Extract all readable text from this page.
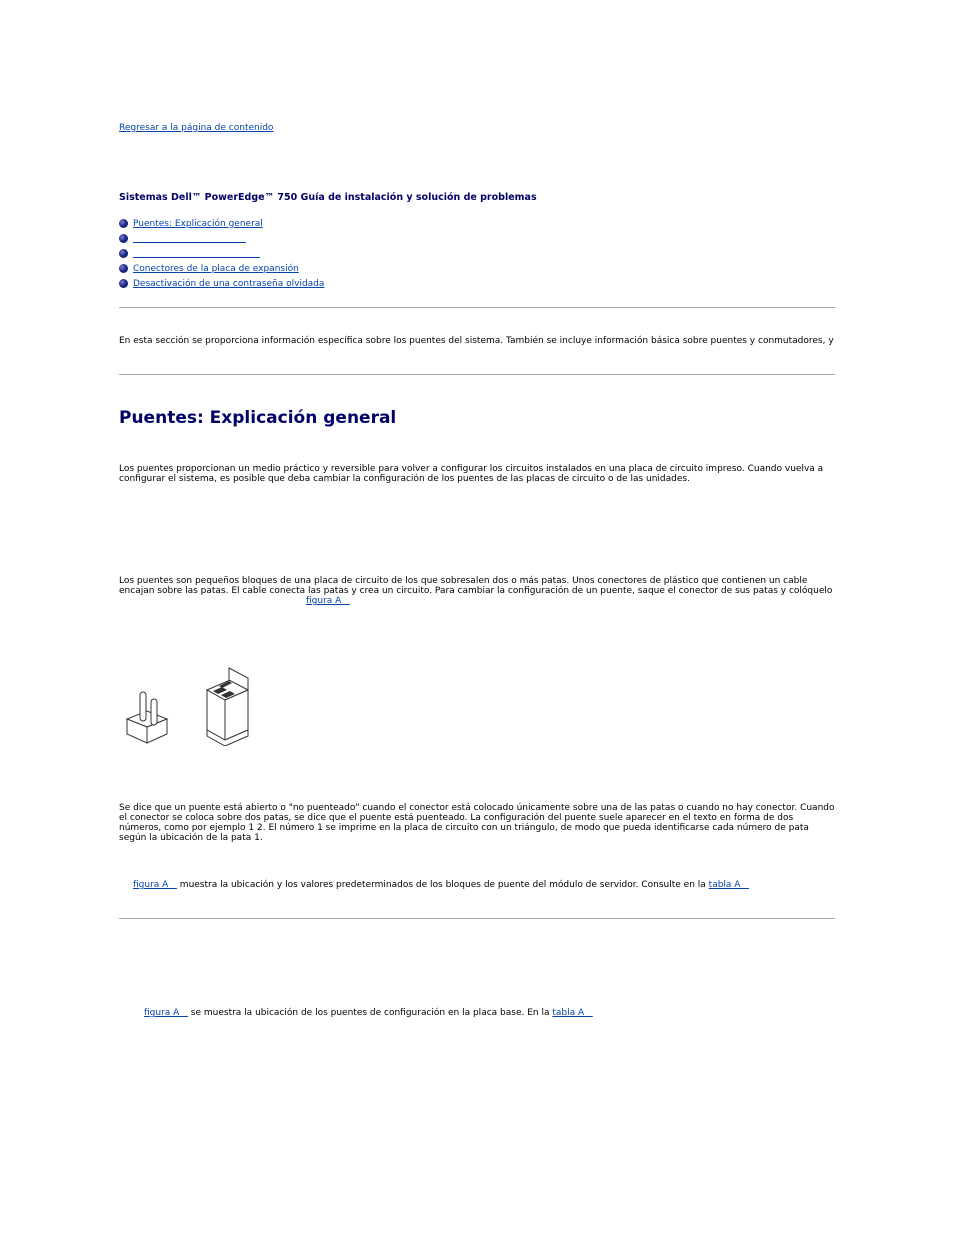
Regresar a la página de contenido
Sistemas Dell™ PowerEdge™ 750 Guía de instalación y solución de problemas
Puentes: Explicación general
Conectores de la placa de expansión
Desactivación de una contraseña olvidada
En esta sección se proporciona información específica sobre los puentes del sistema. También se incluye información básica sobre puentes y conmutadores, y
Puentes: Explicación general
Los puentes proporcionan un medio práctico y reversible para volver a configurar los circuitos instalados en una placa de circuito impreso. Cuando vuelva a configurar el sistema, es posible que deba cambiar la configuración de los puentes de las placas de circuito o de las unidades.
Los puentes son pequeños bloques de una placa de circuito de los que sobresalen dos o más patas. Unos conectores de plástico que contienen un cable
encajan sobre las patas. El cable conecta las patas y crea un circuito. Para cambiar la configuración de un puente, saque el conector de sus patas y colóquelo
figura A
Se dice que un puente está abierto o "no puenteado" cuando el conector está colocado únicamente sobre una de las patas o cuando no hay conector. Cuando el conector se coloca sobre dos patas, se dice que el puente está puenteado. La configuración del puente suele aparecer en el texto en forma de dos números, como por ejemplo 1 2. El número 1 se imprime en la placa de circuito con un triángulo, de modo que pueda identificarse cada número de pata según la ubicación de la pata 1.
figura A muestra la ubicación y los valores predeterminados de los bloques de puente del módulo de servidor. Consulte en la tabla A
figura A se muestra la ubicación de los puentes de configuración en la placa base. En la tabla A
